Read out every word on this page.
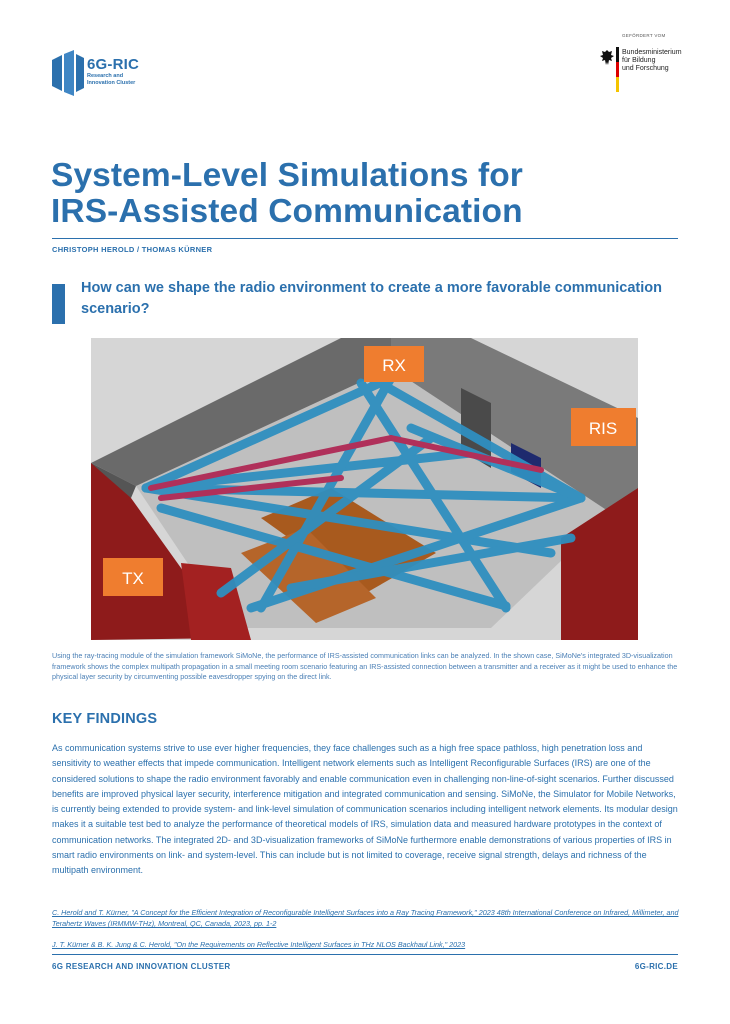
6G-RIC
Research and
Innovation Cluster
GEFÖRDERT VOM
Bundesministerium
für Bildung
und Forschung
System-Level Simulations for
IRS-Assisted Communication
CHRISTOPH HEROLD / THOMAS KÜRNER
How can we shape the radio environment to create a more favorable communication scenario?
RX
RIS
TX
Using the ray-tracing module of the simulation framework SiMoNe, the performance of IRS-assisted communication links can be analyzed. In the shown case, SiMoNe's integrated 3D-visualization framework shows the complex multipath propagation in a small meeting room scenario featuring an IRS-assisted connection between a transmitter and a receiver as it might be used to enhance the physical layer security by circumventing possible eavesdropper spying on the direct link.
KEY FINDINGS
As communication systems strive to use ever higher frequencies, they face challenges such as a high free space pathloss, high penetration loss and sensitivity to weather effects that impede communication. Intelligent network elements such as Intelligent Reconfigurable Surfaces (IRS) are one of the considered solutions to shape the radio environment favorably and enable communication even in challenging non-line-of-sight scenarios. Further discussed benefits are improved physical layer security, interference mitigation and integrated communication and sensing. SiMoNe, the Simulator for Mobile Networks, is currently being extended to provide system- and link-level simulation of communication scenarios including intelligent network elements. Its modular design makes it a suitable test bed to analyze the performance of theoretical models of IRS, simulation data and measured hardware prototypes in the context of communication networks. The integrated 2D- and 3D-visualization frameworks of SiMoNe furthermore enable demonstrations of various properties of IRS in smart radio environments on link- and system-level. This can include but is not limited to coverage, receive signal strength, delays and richness of the multipath environment.
C. Herold and T. Kürner, "A Concept for the Efficient Integration of Reconfigurable Intelligent Surfaces into a Ray Tracing Framework," 2023 48th International Conference on Infrared, Millimeter, and Terahertz Waves (IRMMW-THz), Montreal, QC, Canada, 2023, pp. 1-2
J. T. Kürner & B. K. Jung & C. Herold, "On the Requirements on Reflective Intelligent Surfaces in THz NLOS Backhaul Link," 2023
6G RESEARCH AND INNOVATION CLUSTER	6G-RIC.DE
